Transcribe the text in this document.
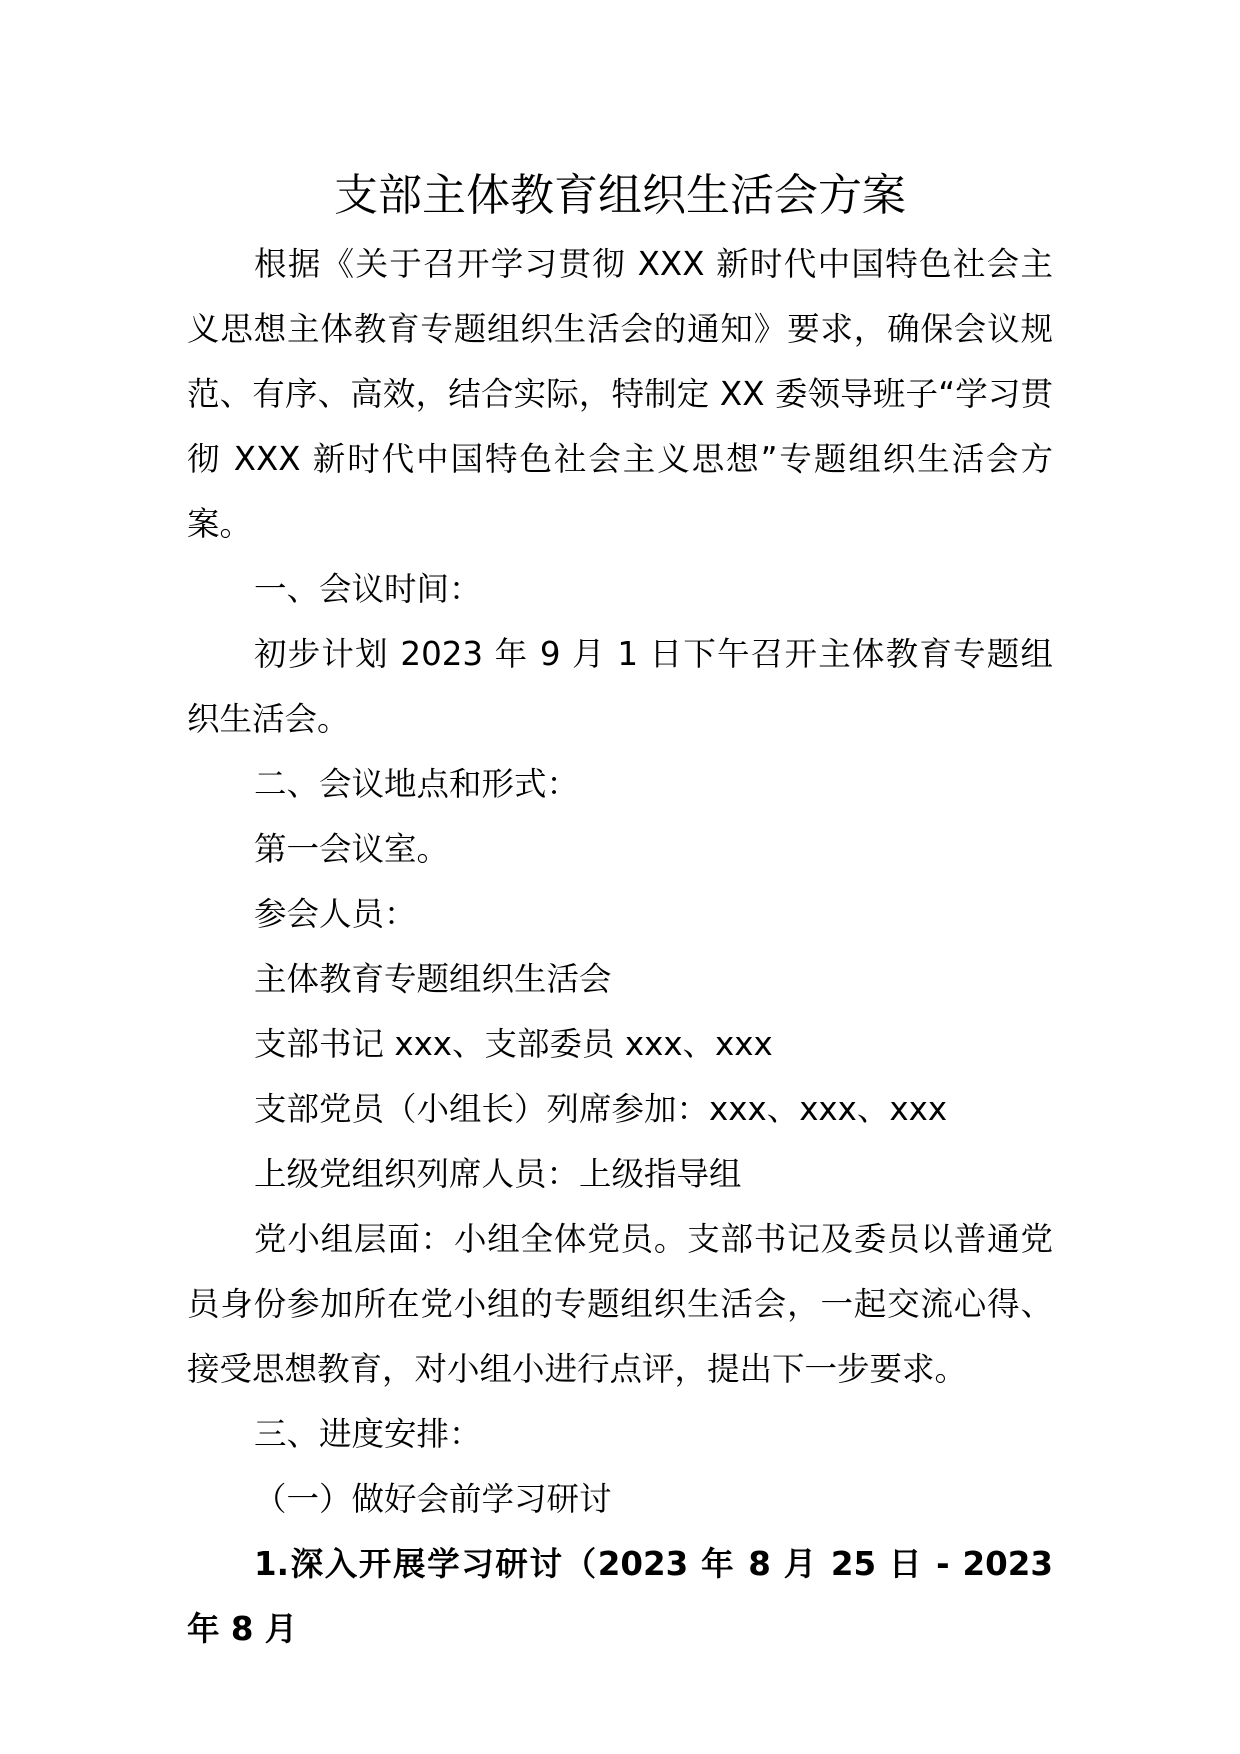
支部主体教育组织生活会方案

根据《关于召开学习贯彻 XXX 新时代中国特色社会主义思想主体教育专题组织生活会的通知》要求，确保会议规范、有序、高效，结合实际，特制定 XX 委领导班子“学习贯彻 XXX 新时代中国特色社会主义思想”专题组织生活会方案。

一、会议时间：

初步计划 2023 年 9 月 1 日下午召开主体教育专题组织生活会。

二、会议地点和形式：

第一会议室。

参会人员：

主体教育专题组织生活会

支部书记 xxx、支部委员 xxx、xxx

支部党员（小组长）列席参加：xxx、xxx、xxx

上级党组织列席人员：上级指导组

党小组层面：小组全体党员。支部书记及委员以普通党员身份参加所在党小组的专题组织生活会，一起交流心得、接受思想教育，对小组小进行点评，提出下一步要求。

三、进度安排：

（一）做好会前学习研讨

1.深入开展学习研讨（2023 年 8 月 25 日 - 2023 年 8 月
